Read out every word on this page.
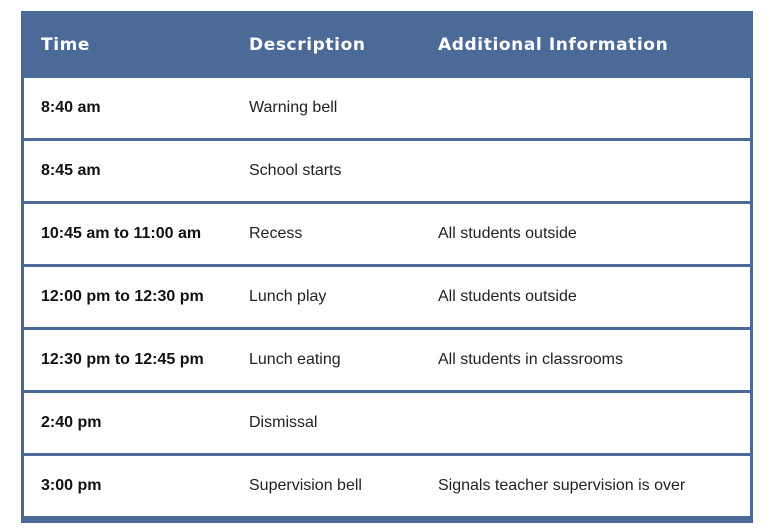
Time	Description	Additional Information
8:40 am	Warning bell
8:45 am	School starts
10:45 am to 11:00 am	Recess	All students outside
12:00 pm to 12:30 pm	Lunch play	All students outside
12:30 pm to 12:45 pm	Lunch eating	All students in classrooms
2:40 pm	Dismissal
3:00 pm	Supervision bell	Signals teacher supervision is over
